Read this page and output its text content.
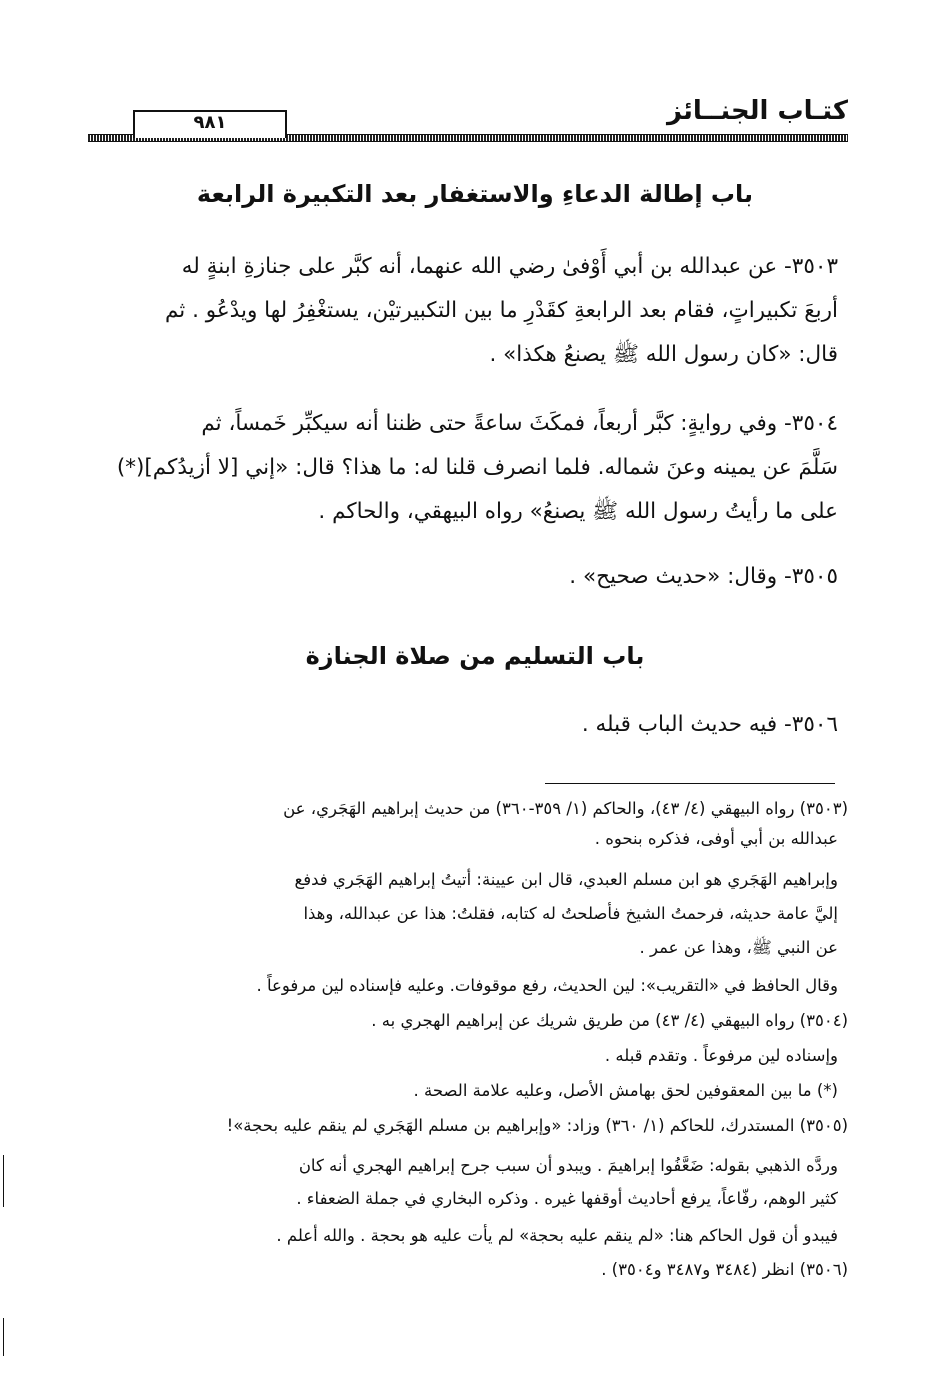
كتـاب الجنــائز
٩٨١
باب إطالة الدعاءِ والاستغفار بعد التكبيرة الرابعة
٣٥٠٣- عن عبدالله بن أبي أَوْفىٰ رضي الله عنهما، أنه كبَّر على جنازةِ ابنةٍ له
أربعَ تكبيراتٍ، فقام بعد الرابعةِ كقَدْرِ ما بين التكبيرتيْن، يستغْفِرُ لها ويدْعُو . ثم
قال: «كان رسول الله ﷺ يصنعُ هكذا» .
٣٥٠٤- وفي روايةٍ: كبَّر أربعاً، فمكَثَ ساعةً حتى ظننا أنه سيكبِّر خَمساً، ثم
سَلَّمَ عن يمينه وعنَ شماله. فلما انصرف قلنا له: ما هذا؟ قال: «إني [لا أزيدُكم](*)
على ما رأيتُ رسول الله ﷺ يصنعُ» رواه البيهقي، والحاكم .
٣٥٠٥- وقال: «حديث صحيح» .
باب التسليم من صلاة الجنازة
٣٥٠٦- فيه حديث الباب قبله .
(٣٥٠٣) رواه البيهقي (٤/ ٤٣)، والحاكم (١/ ٣٥٩-٣٦٠) من حديث إبراهيم الهَجَري، عن
عبدالله بن أبي أوفى، فذكره بنحوه .
وإبراهيم الهَجَري هو ابن مسلم العبدي، قال ابن عيينة: أتيتُ إبراهيم الهَجَري فدفع
إليَّ عامة حديثه، فرحمتُ الشيخ فأصلحتُ له كتابه، فقلتُ: هذا عن عبدالله، وهذا
عن النبي ﷺ، وهذا عن عمر .
وقال الحافظ في «التقريب»: لين الحديث، رفع موقوفات. وعليه فإسناده لين مرفوعاً .
(٣٥٠٤) رواه البيهقي (٤/ ٤٣) من طريق شريك عن إبراهيم الهجري به .
وإسناده لين مرفوعاً . وتقدم قبله .
(*) ما بين المعقوفين لحق بهامش الأصل، وعليه علامة الصحة .
(٣٥٠٥) المستدرك، للحاكم (١/ ٣٦٠) وزاد: «وإبراهيم بن مسلم الهَجَري لم ينقم عليه بحجة»!
وردَّه الذهبي بقوله: ضَعَّفُوا إبراهيمَ . ويبدو أن سبب جرح إبراهيم الهجري أنه كان
كثير الوهم، رفّاعاً، يرفع أحاديث أوقفها غيره . وذكره البخاري في جملة الضعفاء .
فيبدو أن قول الحاكم هنا: «لم ينقم عليه بحجة» لم يأت عليه هو بحجة . والله أعلم .
(٣٥٠٦) انظر (٣٤٨٤ و٣٤٨٧ و٣٥٠٤) .
